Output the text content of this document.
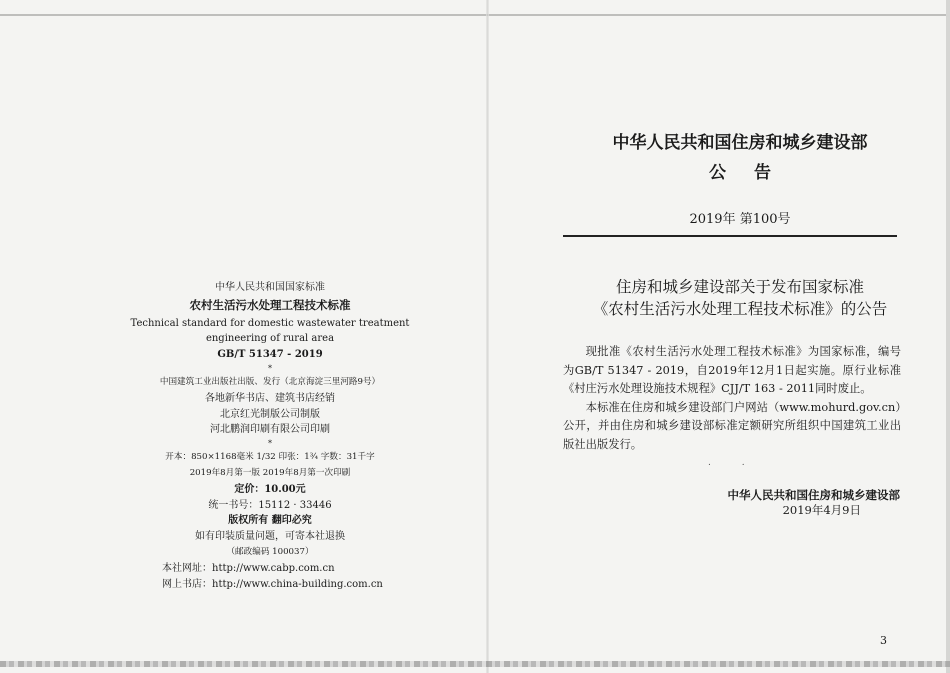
中华人民共和国国家标准
农村生活污水处理工程技术标准
Technical standard for domestic wastewater treatment
engineering of rural area
GB/T 51347 - 2019
*
中国建筑工业出版社出版、发行（北京海淀三里河路9号）
各地新华书店、建筑书店经销
北京红光制版公司制版
河北鹏润印刷有限公司印刷
*
开本：850×1168毫米 1/32 印张：1¾ 字数：31千字
2019年8月第一版 2019年8月第一次印刷
定价：10.00元
统一书号：15112 · 33446
版权所有 翻印必究
如有印装质量问题，可寄本社退换
（邮政编码 100037）
本社网址：http://www.cabp.com.cn
网上书店：http://www.china-building.com.cn
中华人民共和国住房和城乡建设部
公告
2019年 第100号
住房和城乡建设部关于发布国家标准
《农村生活污水处理工程技术标准》的公告

现批准《农村生活污水处理工程技术标准》为国家标准，编号为GB/T 51347 - 2019，自2019年12月1日起实施。原行业标准《村庄污水处理设施技术规程》CJJ/T 163 - 2011同时废止。

本标准在住房和城乡建设部门户网站（www.mohurd.gov.cn）公开，并由住房和城乡建设部标准定额研究所组织中国建筑工业出版社出版发行。

. .
中华人民共和国住房和城乡建设部
2019年4月9日
3
